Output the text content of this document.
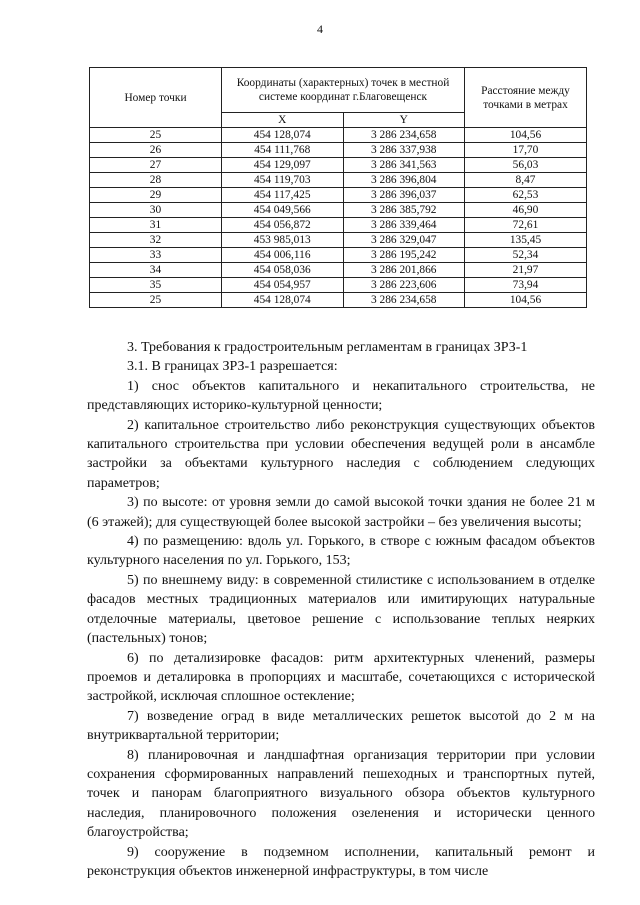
4
Номер точки	Координаты (характерных) точек в местной системе координат г.Благовещенск		Расстояние между точками в метрах
	X	Y	
25	454 128,074	3 286 234,658	104,56
26	454 111,768	3 286 337,938	17,70
27	454 129,097	3 286 341,563	56,03
28	454 119,703	3 286 396,804	8,47
29	454 117,425	3 286 396,037	62,53
30	454 049,566	3 286 385,792	46,90
31	454 056,872	3 286 339,464	72,61
32	453 985,013	3 286 329,047	135,45
33	454 006,116	3 286 195,242	52,34
34	454 058,036	3 286 201,866	21,97
35	454 054,957	3 286 223,606	73,94
25	454 128,074	3 286 234,658	104,56

3. Требования к градостроительным регламентам в границах ЗРЗ-1

3.1. В границах ЗРЗ-1 разрешается:

1) снос объектов капитального и некапитального строительства, не представляющих историко-культурной ценности;

2) капитальное строительство либо реконструкция существующих объектов капитального строительства при условии обеспечения ведущей роли в ансамбле застройки за объектами культурного наследия с соблюдением следующих параметров;

3) по высоте: от уровня земли до самой высокой точки здания не более 21 м (6 этажей); для существующей более высокой застройки – без увеличения высоты;

4) по размещению: вдоль ул. Горького, в створе с южным фасадом объектов культурного населения по ул. Горького, 153;

5) по внешнему виду: в современной стилистике с использованием в отделке фасадов местных традиционных материалов или имитирующих натуральные отделочные материалы, цветовое решение с использование теплых неярких (пастельных) тонов;

6) по детализировке фасадов: ритм архитектурных членений, размеры проемов и деталировка в пропорциях и масштабе, сочетающихся с исторической застройкой, исключая сплошное остекление;

7) возведение оград в виде металлических решеток высотой до 2 м на внутриквартальной территории;

8) планировочная и ландшафтная организация территории при условии сохранения сформированных направлений пешеходных и транспортных путей, точек и панорам благоприятного визуального обзора объектов культурного наследия, планировочного положения озеленения и исторически ценного благоустройства;

9) сооружение в подземном исполнении, капитальный ремонт и реконструкция объектов инженерной инфраструктуры, в том числе
